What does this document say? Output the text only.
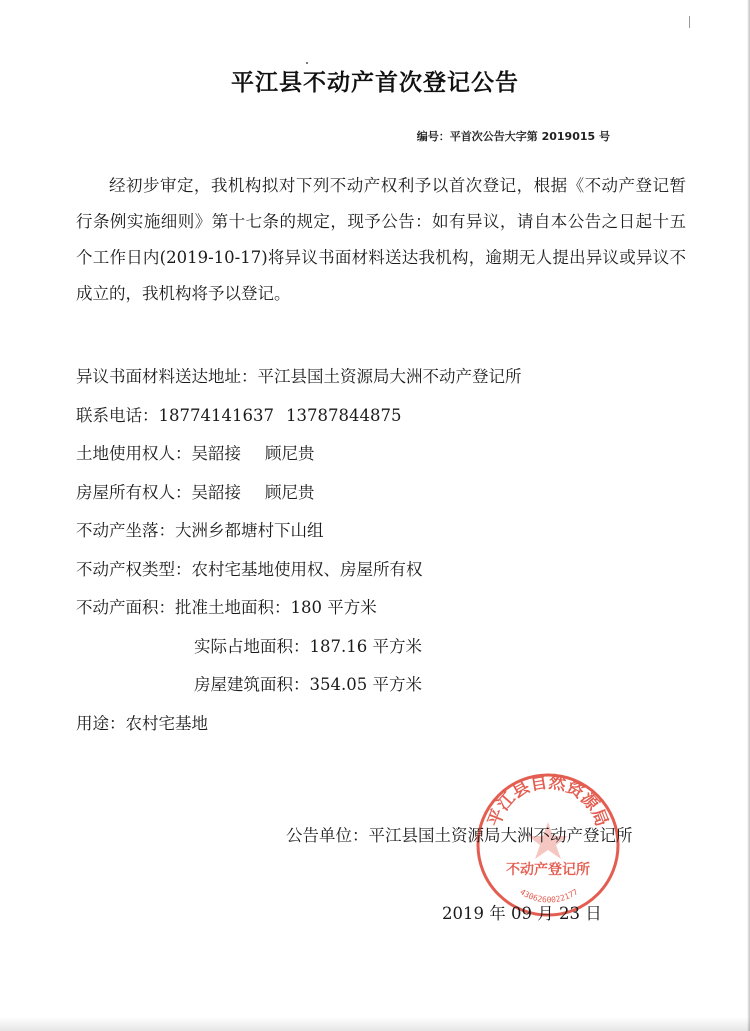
平江县不动产首次登记公告
编号：平首次公告大字第 2019015 号
经初步审定，我机构拟对下列不动产权利予以首次登记，根据《不动产登记暂行条例实施细则》第十七条的规定，现予公告：如有异议，请自本公告之日起十五个工作日内(2019-10-17)将异议书面材料送达我机构，逾期无人提出异议或异议不成立的，我机构将予以登记。
异议书面材料送达地址：平江县国土资源局大洲不动产登记所
联系电话：18774141637 13787844875
土地使用权人：吴韶接 顾尼贵
房屋所有权人：吴韶接 顾尼贵
不动产坐落：大洲乡都塘村下山组
不动产权类型：农村宅基地使用权、房屋所有权
不动产面积：批准土地面积：180 平方米
实际占地面积：187.16 平方米
房屋建筑面积：354.05 平方米
用途：农村宅基地
平江县自然资源局
不动产登记所
4306260022177
公告单位：平江县国土资源局大洲不动产登记所
2019 年 09 月 23 日
